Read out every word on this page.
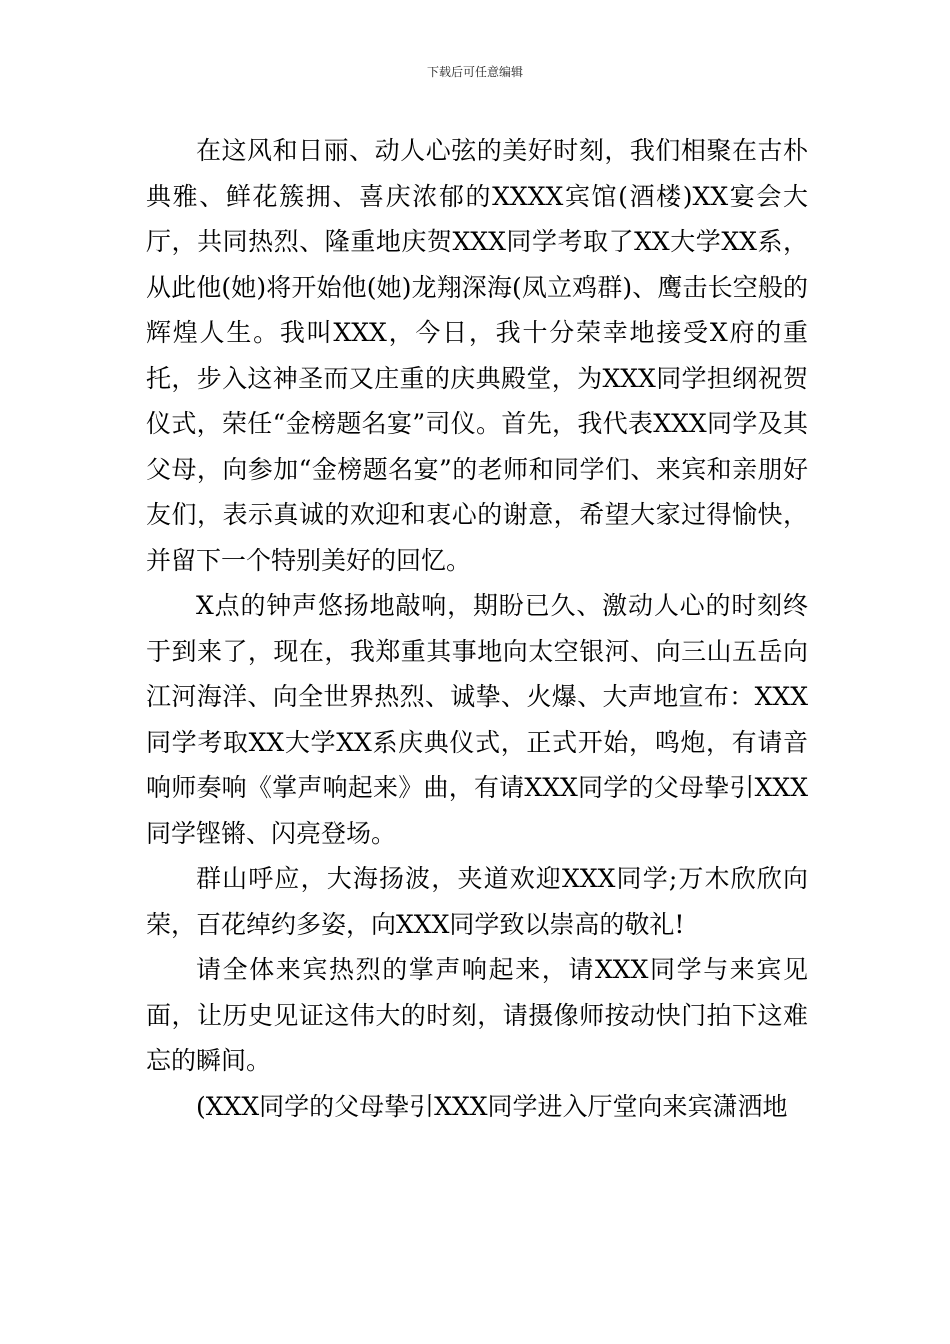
下载后可任意编辑

在这风和日丽、动人心弦的美好时刻，我们相聚在古朴典雅、鲜花簇拥、喜庆浓郁的XXXX宾馆(酒楼)XX宴会大厅，共同热烈、隆重地庆贺XXX同学考取了XX大学XX系，从此他(她)将开始他(她)龙翔深海(凤立鸡群)、鹰击长空般的辉煌人生。我叫XXX，今日，我十分荣幸地接受X府的重托，步入这神圣而又庄重的庆典殿堂，为XXX同学担纲祝贺仪式，荣任“金榜题名宴”司仪。首先，我代表XXX同学及其父母，向参加“金榜题名宴”的老师和同学们、来宾和亲朋好友们，表示真诚的欢迎和衷心的谢意，希望大家过得愉快，并留下一个特别美好的回忆。

X点的钟声悠扬地敲响，期盼已久、激动人心的时刻终于到来了，现在，我郑重其事地向太空银河、向三山五岳向江河海洋、向全世界热烈、诚挚、火爆、大声地宣布：XXX同学考取XX大学XX系庆典仪式，正式开始，鸣炮，有请音响师奏响《掌声响起来》曲，有请XXX同学的父母挚引XXX同学铿锵、闪亮登场。

群山呼应，大海扬波，夹道欢迎XXX同学;万木欣欣向荣，百花绰约多姿，向XXX同学致以崇高的敬礼!

请全体来宾热烈的掌声响起来，请XXX同学与来宾见面，让历史见证这伟大的时刻，请摄像师按动快门拍下这难忘的瞬间。

(XXX同学的父母挚引XXX同学进入厅堂向来宾潇洒地
